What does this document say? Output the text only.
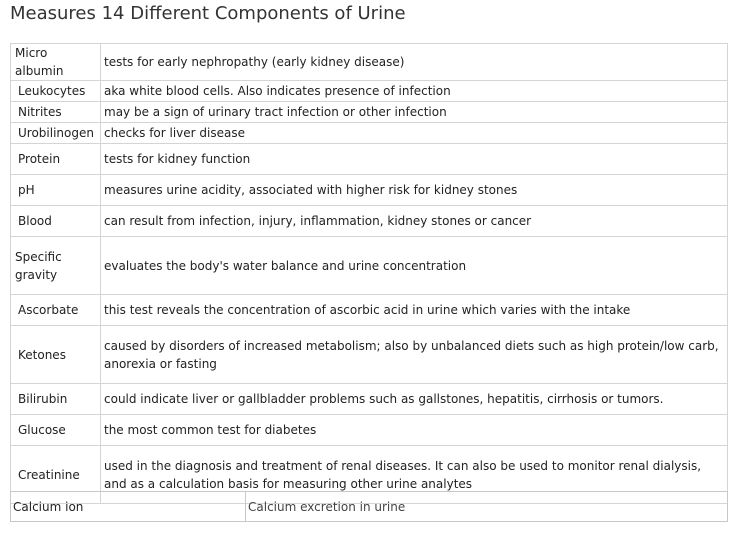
Measures 14 Different Components of Urine
Micro albumin	tests for early nephropathy (early kidney disease)
Leukocytes	aka white blood cells. Also indicates presence of infection
Nitrites	may be a sign of urinary tract infection or other infection
Urobilinogen	checks for liver disease
Protein	tests for kidney function
pH	measures urine acidity, associated with higher risk for kidney stones
Blood	can result from infection, injury, inflammation, kidney stones or cancer
Specific gravity	evaluates the body's water balance and urine concentration
Ascorbate	this test reveals the concentration of ascorbic acid in urine which varies with the intake
Ketones	caused by disorders of increased metabolism; also by unbalanced diets such as high protein/low carb, anorexia or fasting
Bilirubin	could indicate liver or gallbladder problems such as gallstones, hepatitis, cirrhosis or tumors.
Glucose	the most common test for diabetes
Creatinine	used in the diagnosis and treatment of renal diseases. It can also be used to monitor renal dialysis, and as a calculation basis for measuring other urine analytes
Calcium ion	Calcium excretion in urine
